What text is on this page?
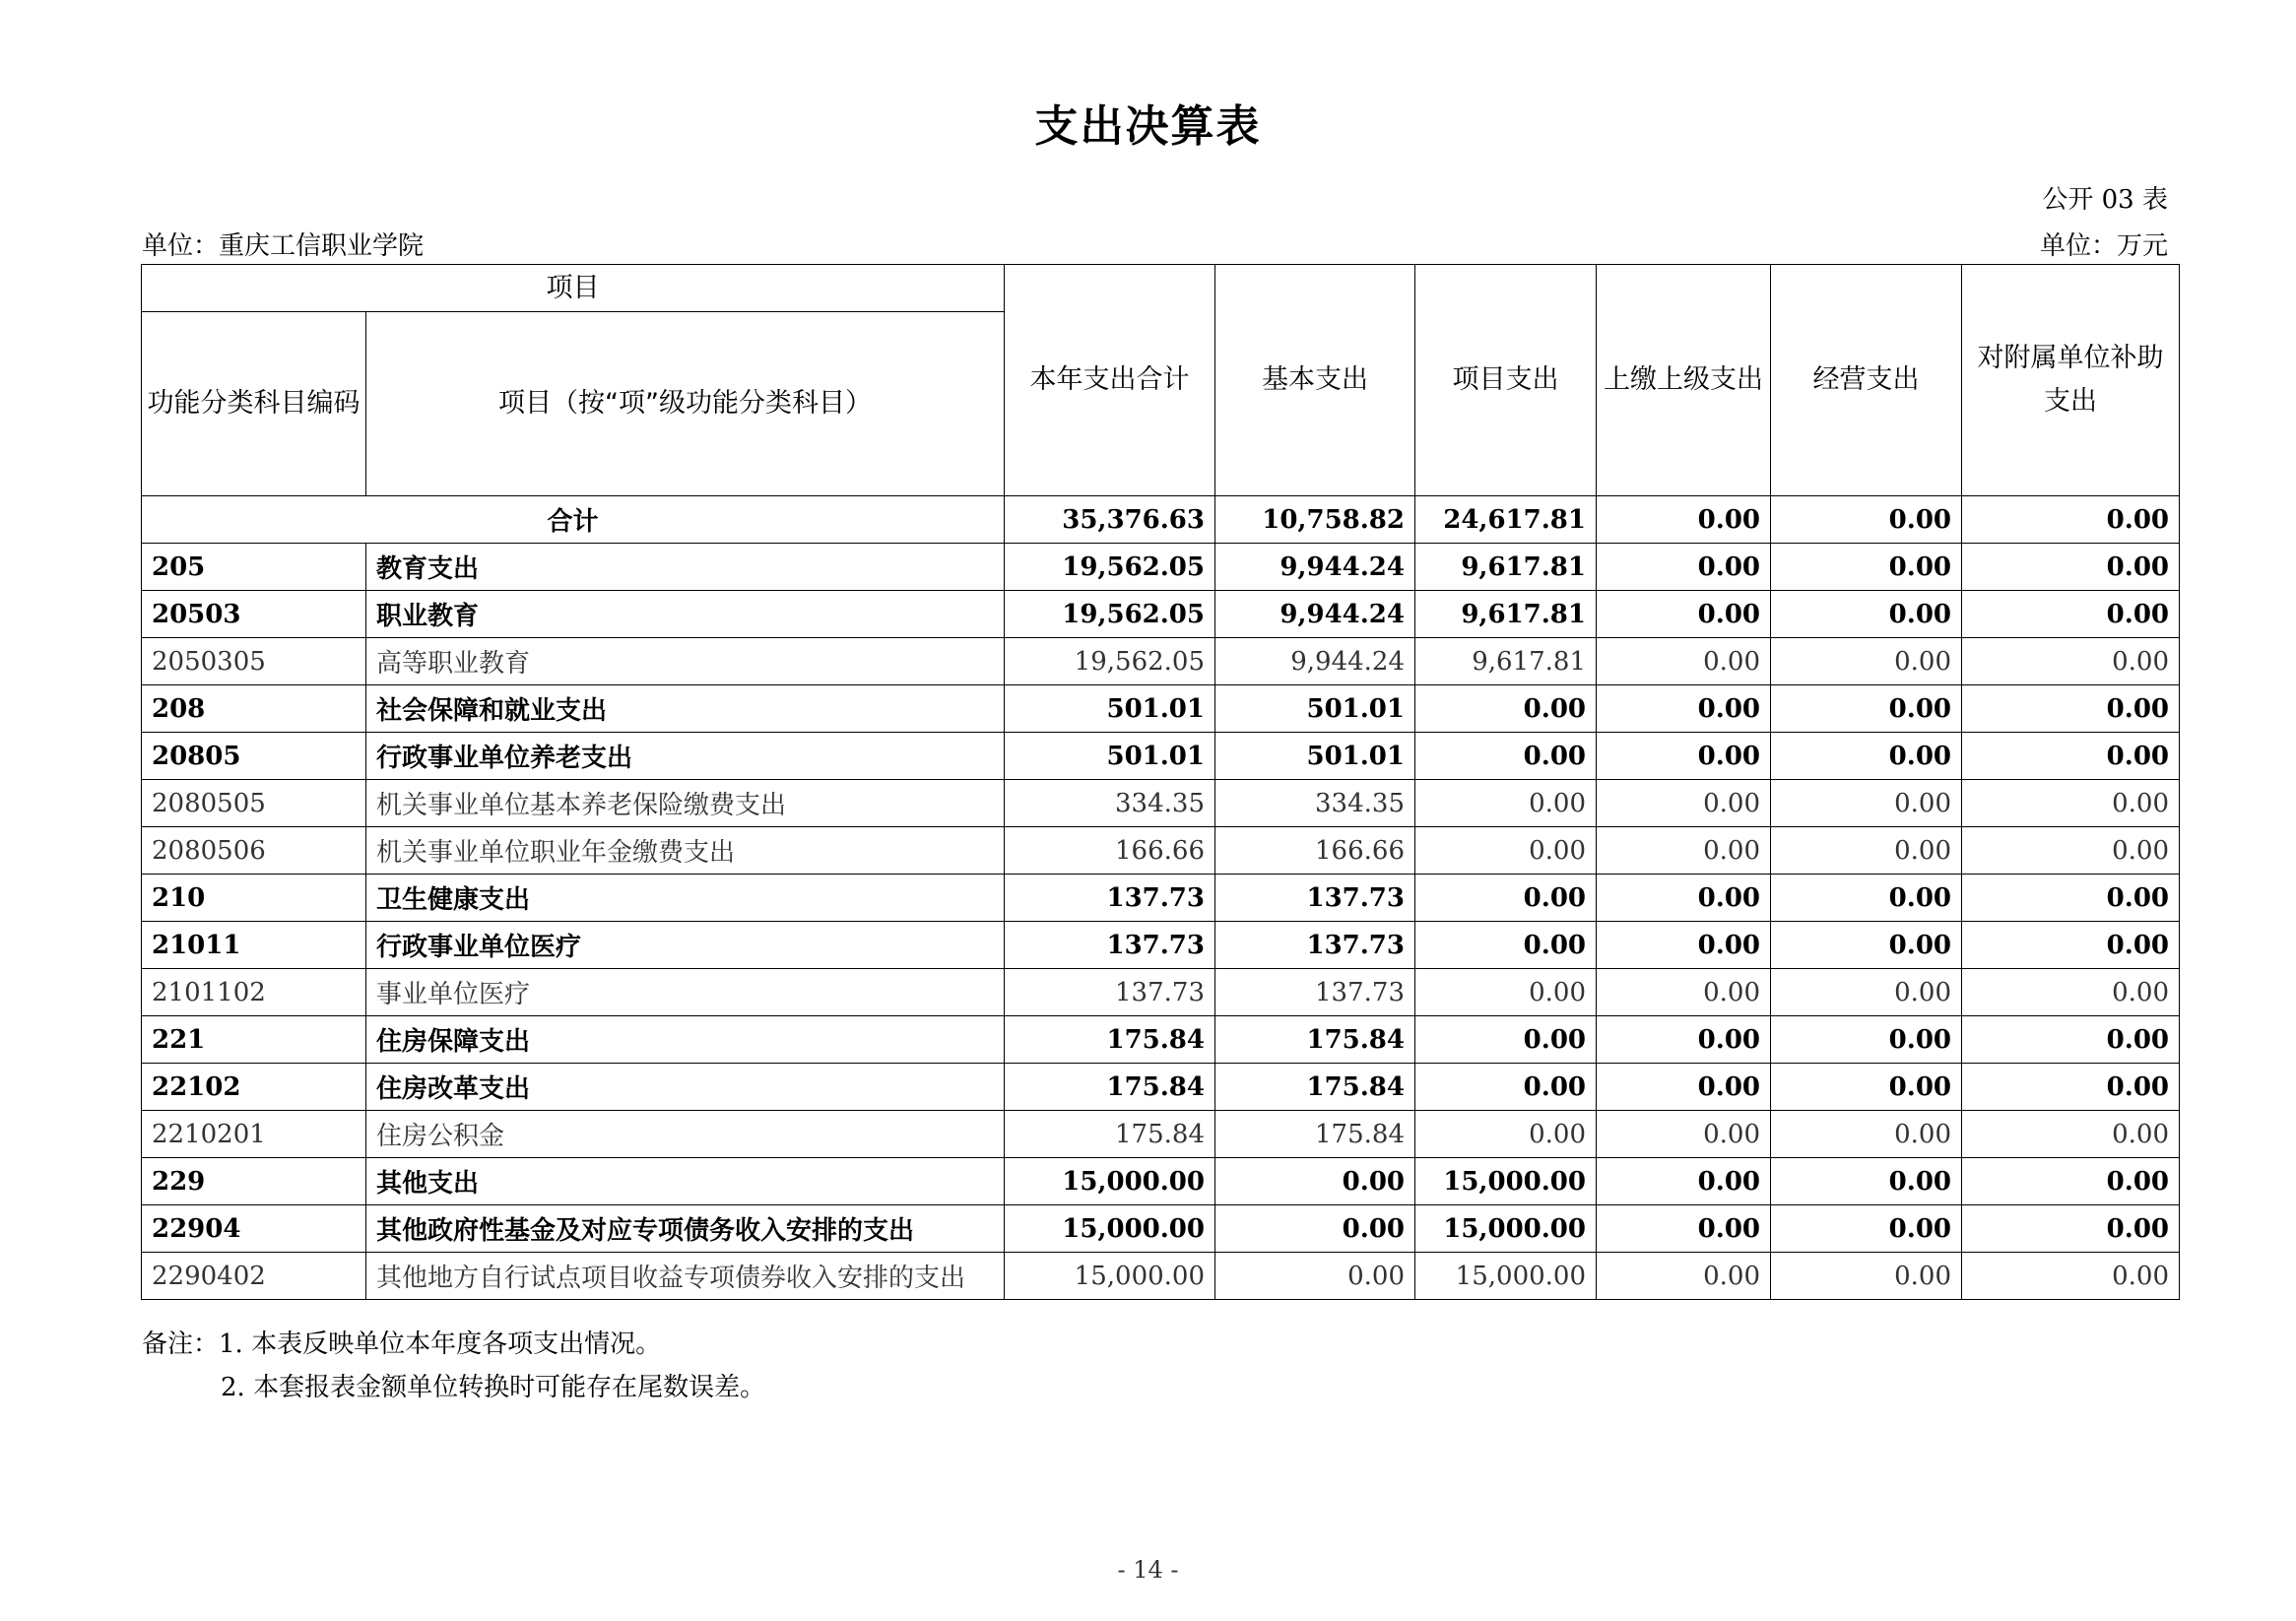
支出决算表
公开 03 表
单位：重庆工信职业学院	单位：万元
项目		本年支出合计	基本支出	项目支出	上缴上级支出	经营支出	对附属单位补助
支出
功能分类科目编码	项目（按“项”级功能分类科目）						
合计		35,376.63	10,758.82	24,617.81	0.00	0.00	0.00
205	教育支出	19,562.05	9,944.24	9,617.81	0.00	0.00	0.00
20503	职业教育	19,562.05	9,944.24	9,617.81	0.00	0.00	0.00
2050305	高等职业教育	19,562.05	9,944.24	9,617.81	0.00	0.00	0.00
208	社会保障和就业支出	501.01	501.01	0.00	0.00	0.00	0.00
20805	行政事业单位养老支出	501.01	501.01	0.00	0.00	0.00	0.00
2080505	机关事业单位基本养老保险缴费支出	334.35	334.35	0.00	0.00	0.00	0.00
2080506	机关事业单位职业年金缴费支出	166.66	166.66	0.00	0.00	0.00	0.00
210	卫生健康支出	137.73	137.73	0.00	0.00	0.00	0.00
21011	行政事业单位医疗	137.73	137.73	0.00	0.00	0.00	0.00
2101102	事业单位医疗	137.73	137.73	0.00	0.00	0.00	0.00
221	住房保障支出	175.84	175.84	0.00	0.00	0.00	0.00
22102	住房改革支出	175.84	175.84	0.00	0.00	0.00	0.00
2210201	住房公积金	175.84	175.84	0.00	0.00	0.00	0.00
229	其他支出	15,000.00	0.00	15,000.00	0.00	0.00	0.00
22904	其他政府性基金及对应专项债务收入安排的支出	15,000.00	0.00	15,000.00	0.00	0.00	0.00
2290402	其他地方自行试点项目收益专项债券收入安排的支出	15,000.00	0.00	15,000.00	0.00	0.00	0.00
备注：1. 本表反映单位本年度各项支出情况。
2. 本套报表金额单位转换时可能存在尾数误差。
- 14 -
